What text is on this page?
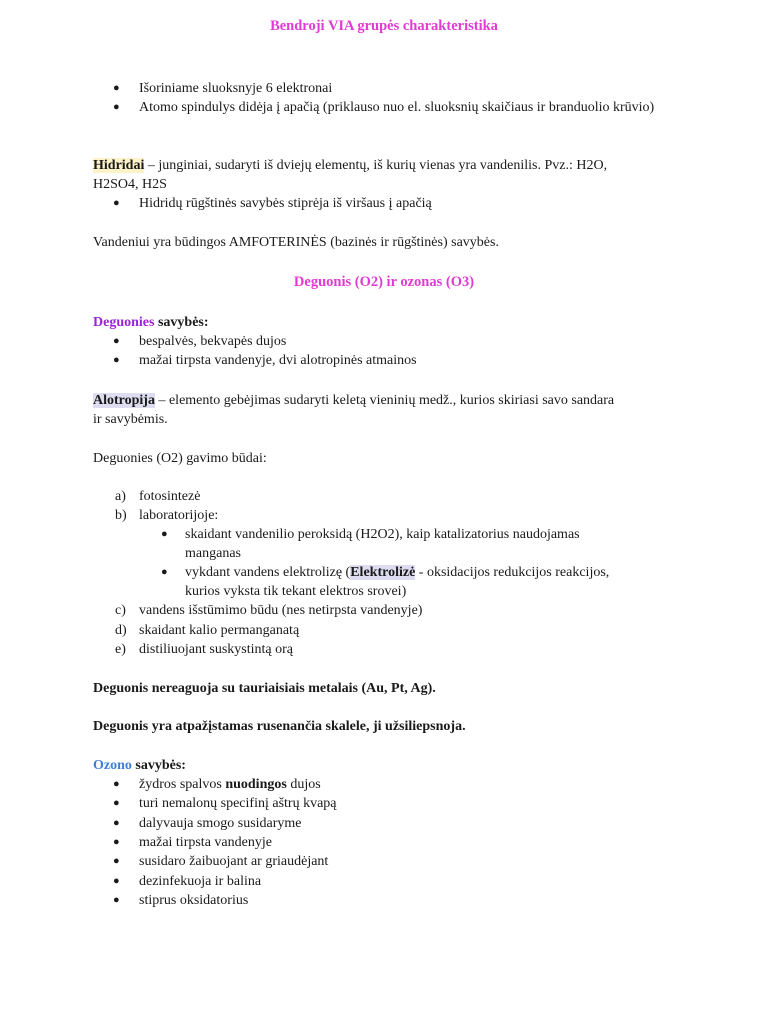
Bendroji VIA grupės charakteristika
● Išoriniame sluoksnyje 6 elektronai
● Atomo spindulys didėja į apačią (priklauso nuo el. sluoksnių skaičiaus ir branduolio krūvio)
Hidridai – junginiai, sudaryti iš dviejų elementų, iš kurių vienas yra vandenilis. Pvz.: H2O,
H2SO4, H2S
● Hidridų rūgštinės savybės stiprėja iš viršaus į apačią
Vandeniui yra būdingos AMFOTERINĖS (bazinės ir rūgštinės) savybės.
Deguonis (O2) ir ozonas (O3)
Deguonies savybės:
● bespalvės, bekvapės dujos
● mažai tirpsta vandenyje, dvi alotropinės atmainos
Alotropija – elemento gebėjimas sudaryti keletą vieninių medž., kurios skiriasi savo sandara
ir savybėmis.
Deguonies (O2) gavimo būdai:
a) fotosintezė
b) laboratorijoje:
● skaidant vandenilio peroksidą (H2O2), kaip katalizatorius naudojamas
manganas
● vykdant vandens elektrolizę (Elektrolizė - oksidacijos redukcijos reakcijos,
kurios vyksta tik tekant elektros srovei)
c) vandens išstūmimo būdu (nes netirpsta vandenyje)
d) skaidant kalio permanganatą
e) distiliuojant suskystintą orą
Deguonis nereaguoja su tauriaisiais metalais (Au, Pt, Ag).
Deguonis yra atpažįstamas rusenančia skalele, ji užsiliepsnoja.
Ozono savybės:
● žydros spalvos nuodingos dujos
● turi nemalonų specifinį aštrų kvapą
● dalyvauja smogo susidaryme
● mažai tirpsta vandenyje
● susidaro žaibuojant ar griaudėjant
● dezinfekuoja ir balina
● stiprus oksidatorius
